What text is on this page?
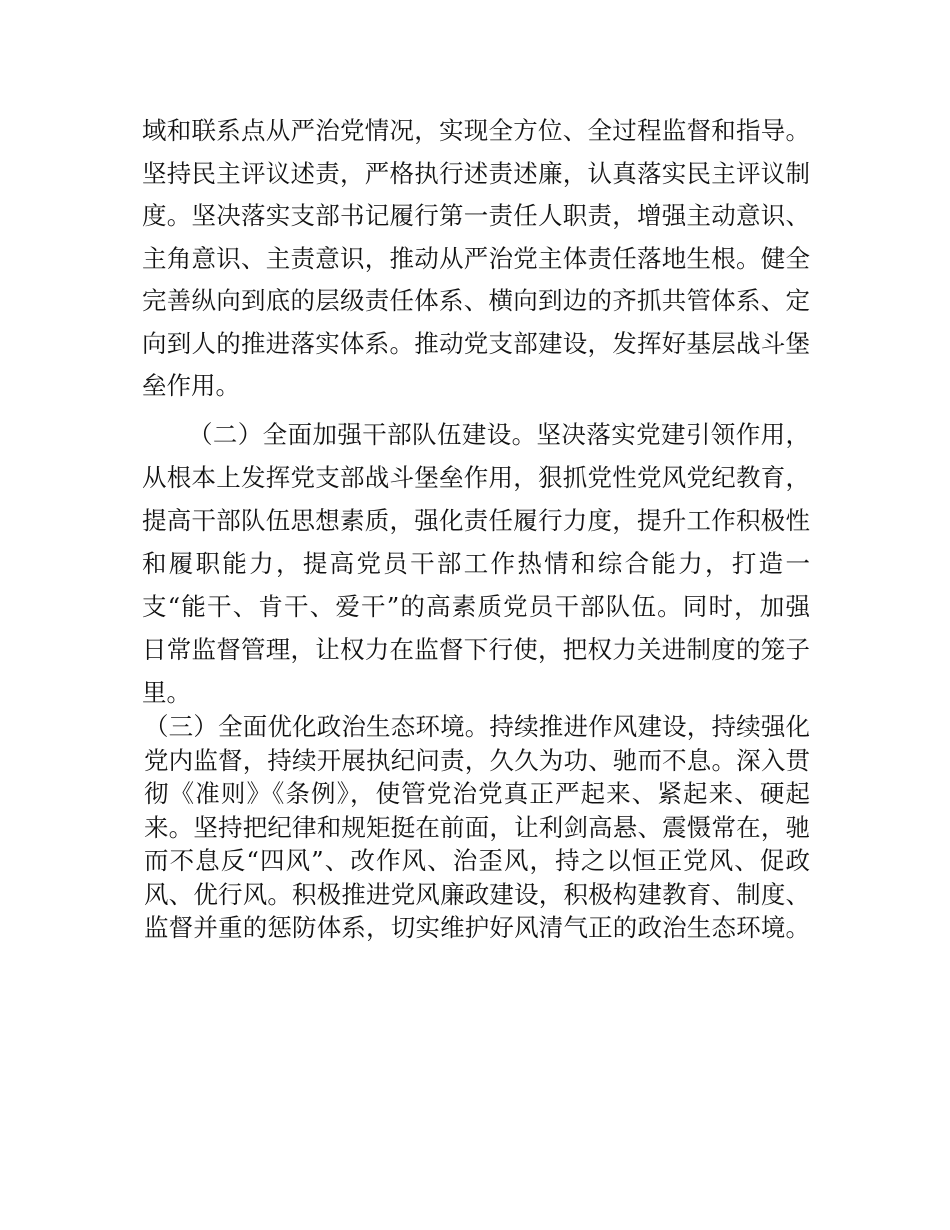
域和联系点从严治党情况，实现全方位、全过程监督和指导。
坚持民主评议述责，严格执行述责述廉，认真落实民主评议制
度。坚决落实支部书记履行第一责任人职责，增强主动意识、
主角意识、主责意识，推动从严治党主体责任落地生根。健全
完善纵向到底的层级责任体系、横向到边的齐抓共管体系、定
向到人的推进落实体系。推动党支部建设，发挥好基层战斗堡
垒作用。
（二）全面加强干部队伍建设。坚决落实党建引领作用，
从根本上发挥党支部战斗堡垒作用，狠抓党性党风党纪教育，
提高干部队伍思想素质，强化责任履行力度，提升工作积极性
和履职能力，提高党员干部工作热情和综合能力，打造一
支“能干、肯干、爱干”的高素质党员干部队伍。同时，加强
日常监督管理，让权力在监督下行使，把权力关进制度的笼子
里。
（三）全面优化政治生态环境。持续推进作风建设，持续强化
党内监督，持续开展执纪问责，久久为功、驰而不息。深入贯
彻《准则》《条例》，使管党治党真正严起来、紧起来、硬起
来。坚持把纪律和规矩挺在前面，让利剑高悬、震慑常在，驰
而不息反“四风”、改作风、治歪风，持之以恒正党风、促政
风、优行风。积极推进党风廉政建设，积极构建教育、制度、
监督并重的惩防体系，切实维护好风清气正的政治生态环境。
